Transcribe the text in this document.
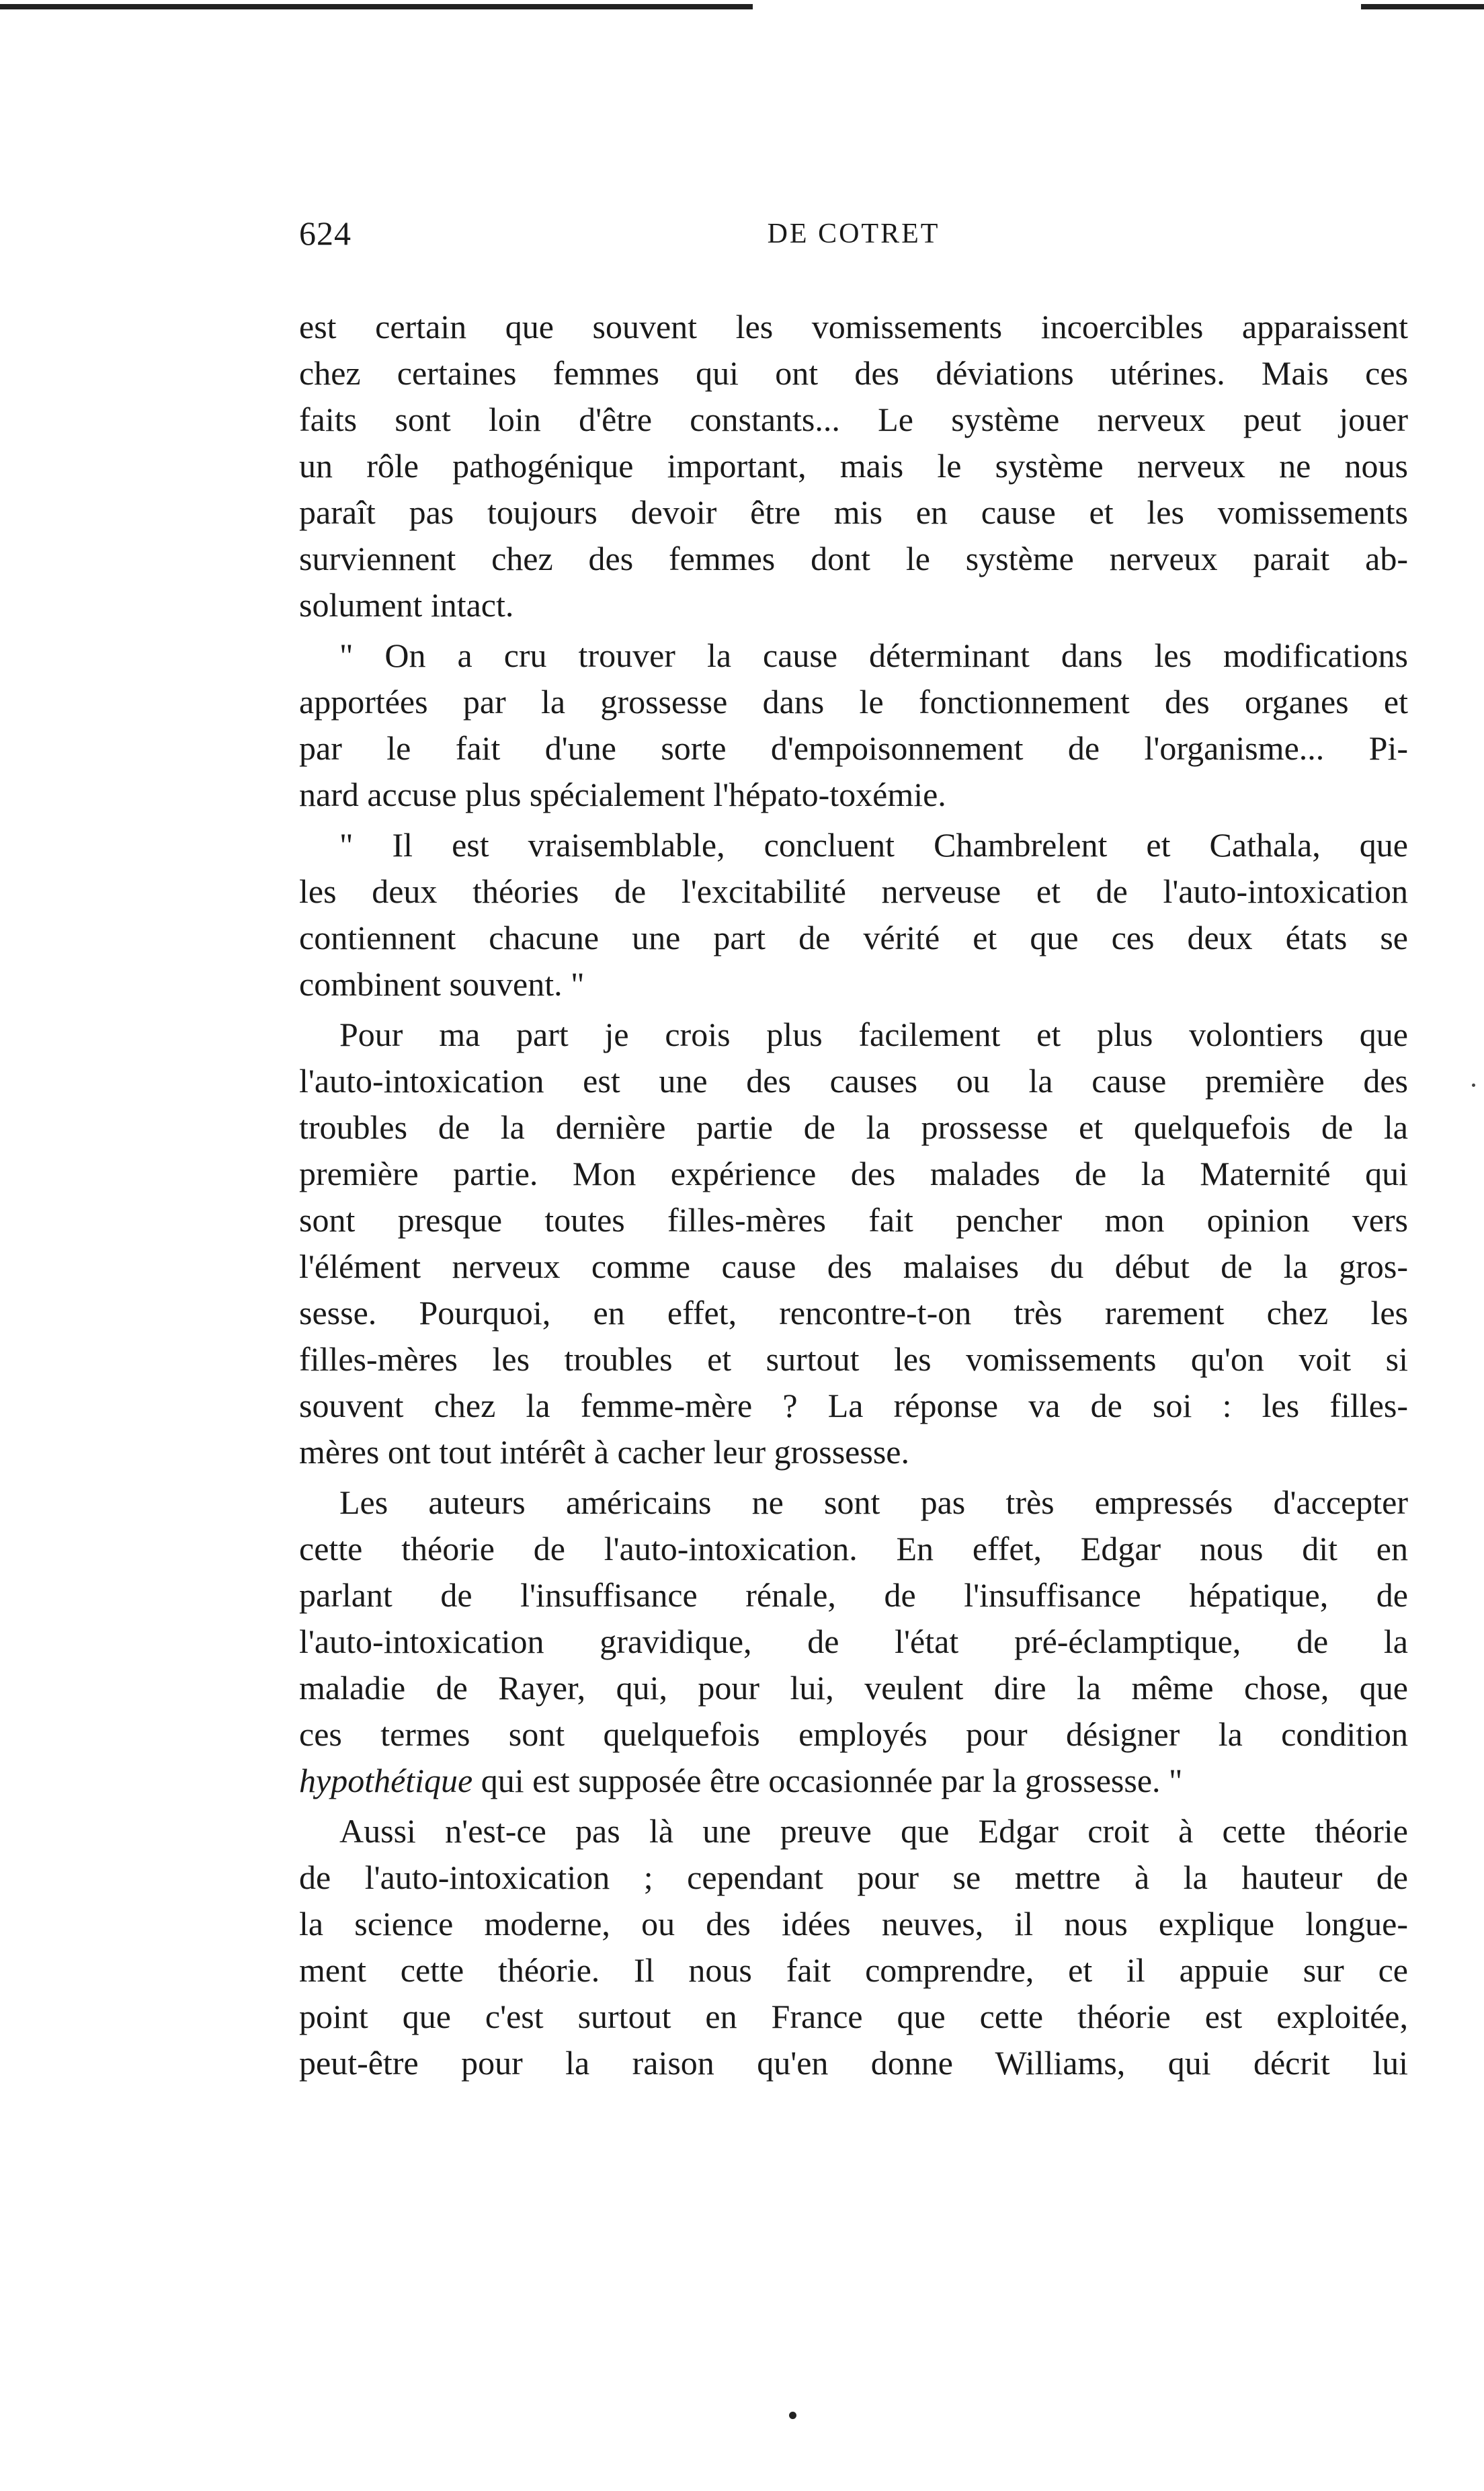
624	DE COTRET

est certain que souvent les vomissements incoercibles apparaissent
chez certaines femmes qui ont des déviations utérines. Mais ces
faits sont loin d'être constants... Le système nerveux peut jouer
un rôle pathogénique important, mais le système nerveux ne nous
paraît pas toujours devoir être mis en cause et les vomissements
surviennent chez des femmes dont le système nerveux parait ab-
solument intact.

" On a cru trouver la cause déterminant dans les modifications
apportées par la grossesse dans le fonctionnement des organes et
par le fait d'une sorte d'empoisonnement de l'organisme... Pi-
nard accuse plus spécialement l'hépato-toxémie.

" Il est vraisemblable, concluent Chambrelent et Cathala, que
les deux théories de l'excitabilité nerveuse et de l'auto-intoxication
contiennent chacune une part de vérité et que ces deux états se
combinent souvent. "

Pour ma part je crois plus facilement et plus volontiers que
l'auto-intoxication est une des causes ou la cause première des
troubles de la dernière partie de la prossesse et quelquefois de la
première partie. Mon expérience des malades de la Maternité qui
sont presque toutes filles-mères fait pencher mon opinion vers
l'élément nerveux comme cause des malaises du début de la gros-
sesse. Pourquoi, en effet, rencontre-t-on très rarement chez les
filles-mères les troubles et surtout les vomissements qu'on voit si
souvent chez la femme-mère ? La réponse va de soi : les filles-
mères ont tout intérêt à cacher leur grossesse.

Les auteurs américains ne sont pas très empressés d'accepter
cette théorie de l'auto-intoxication. En effet, Edgar nous dit en
parlant de l'insuffisance rénale, de l'insuffisance hépatique, de
l'auto-intoxication gravidique, de l'état pré-éclamptique, de la
maladie de Rayer, qui, pour lui, veulent dire la même chose, que
ces termes sont quelquefois employés pour désigner la condition
hypothétique qui est supposée être occasionnée par la grossesse. "

Aussi n'est-ce pas là une preuve que Edgar croit à cette théorie
de l'auto-intoxication ; cependant pour se mettre à la hauteur de
la science moderne, ou des idées neuves, il nous explique longue-
ment cette théorie. Il nous fait comprendre, et il appuie sur ce
point que c'est surtout en France que cette théorie est exploitée,
peut-être pour la raison qu'en donne Williams, qui décrit lui
